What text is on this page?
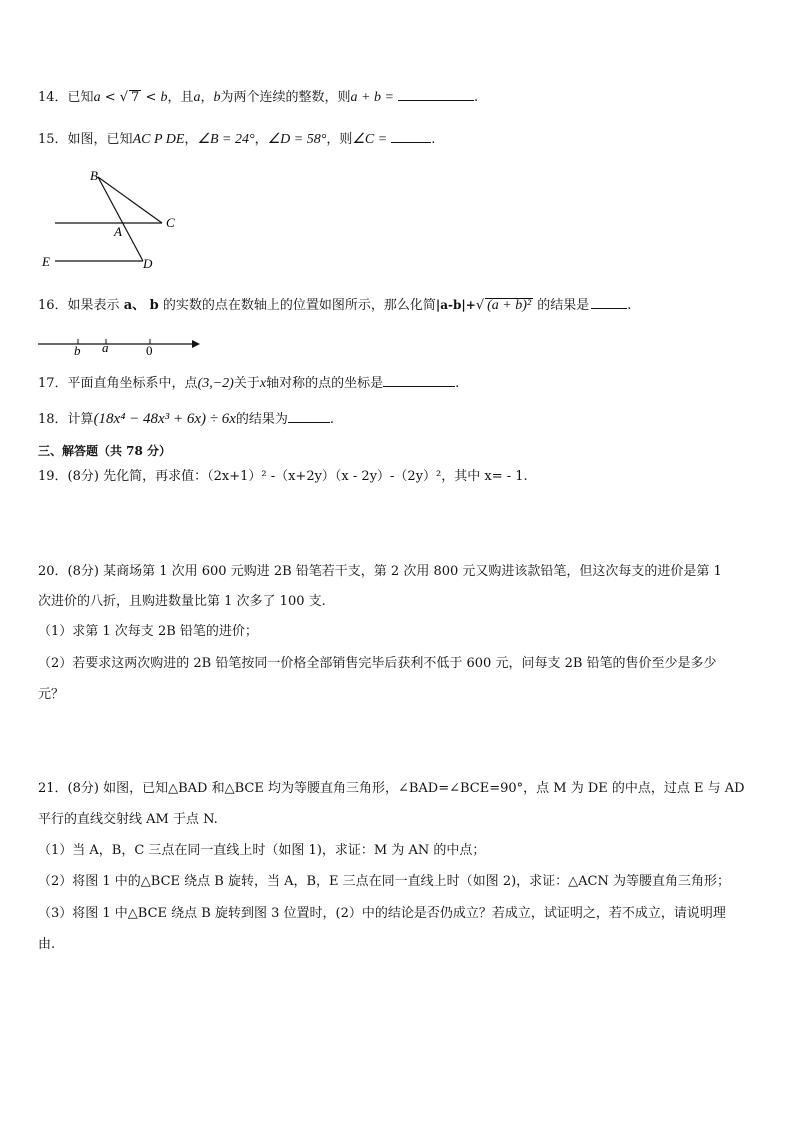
14．已知a < √ 7 < b，且a，b为两个连续的整数，则a + b =	.
15．如图，已知AC P DE，∠B = 24°，∠D = 58°，则∠C =	.
B
C
A
E	D
16．如果表示 a、 b 的实数的点在数轴上的位置如图所示，那么化简|a-b|+√ (a + b)² 的结果是	.
b a	0
17．平面直角坐标系中，点(3,−2)关于x轴对称的点的坐标是	.
18．计算(18x⁴ − 48x³ + 6x) ÷ 6x的结果为	.
三、解答题（共 78 分）
19．(8分) 先化简，再求值：（2x+1）² -（x+2y）（x - 2y）-（2y）²，其中 x= - 1.
20．(8分) 某商场第 1 次用 600 元购进 2B 铅笔若干支，第 2 次用 800 元又购进该款铅笔，但这次每支的进价是第 1
次进价的八折，且购进数量比第 1 次多了 100 支.
（1）求第 1 次每支 2B 铅笔的进价；
（2）若要求这两次购进的 2B 铅笔按同一价格全部销售完毕后获利不低于 600 元，问每支 2B 铅笔的售价至少是多少
元？
21．(8分) 如图，已知△BAD 和△BCE 均为等腰直角三角形，∠BAD=∠BCE=90°，点 M 为 DE 的中点，过点 E 与 AD
平行的直线交射线 AM 于点 N.
（1）当 A，B，C 三点在同一直线上时（如图 1)，求证：M 为 AN 的中点；
（2）将图 1 中的△BCE 绕点 B 旋转，当 A，B，E 三点在同一直线上时（如图 2)，求证：△ACN 为等腰直角三角形；
（3）将图 1 中△BCE 绕点 B 旋转到图 3 位置时，(2）中的结论是否仍成立？若成立，试证明之，若不成立，请说明理
由.
